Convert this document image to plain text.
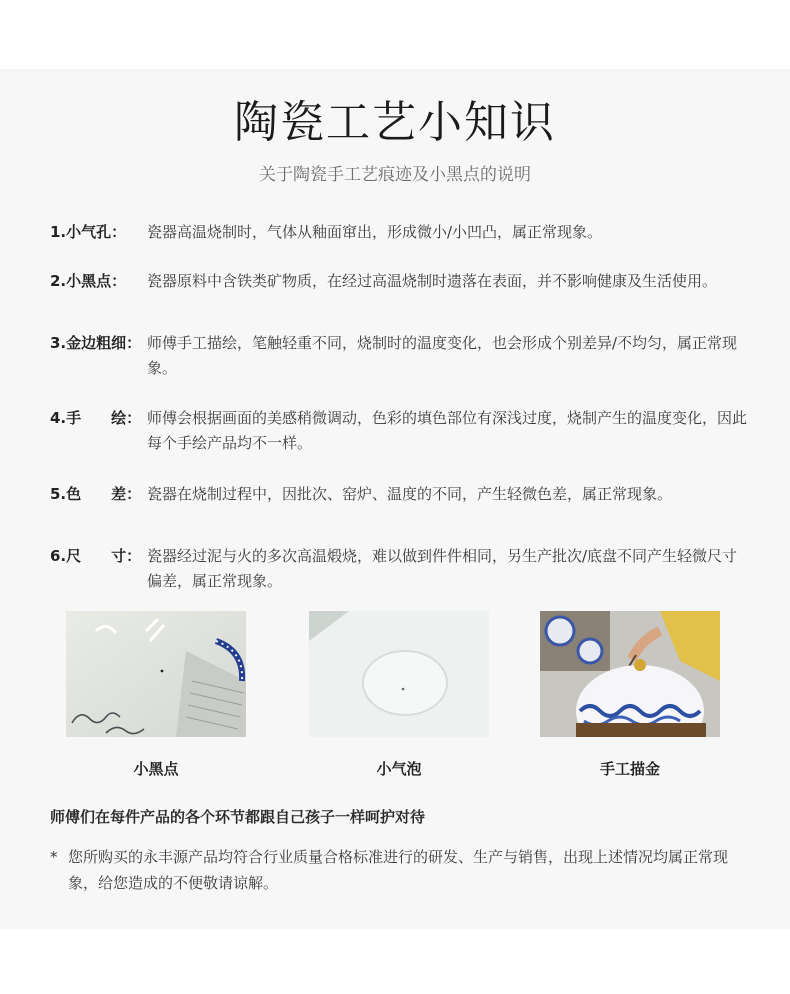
陶瓷工艺小知识
关于陶瓷手工艺痕迹及小黑点的说明
1.小气孔： 瓷器高温烧制时，气体从釉面窜出，形成微小/小凹凸，属正常现象。
2.小黑点： 瓷器原料中含铁类矿物质，在经过高温烧制时遗落在表面，并不影响健康及生活使用。
3.金边粗细： 师傅手工描绘，笔触轻重不同，烧制时的温度变化，也会形成个别差异/不均匀，属正常现象。
4.手　　绘： 师傅会根据画面的美感稍微调动，色彩的填色部位有深浅过度，烧制产生的温度变化，因此每个手绘产品均不一样。
5.色　　差： 瓷器在烧制过程中，因批次、窑炉、温度的不同，产生轻微色差，属正常现象。
6.尺　　寸： 瓷器经过泥与火的多次高温煅烧，难以做到件件相同，另生产批次/底盘不同产生轻微尺寸偏差，属正常现象。
小黑点	小气泡	手工描金
师傅们在每件产品的各个环节都跟自己孩子一样呵护对待
* 您所购买的永丰源产品均符合行业质量合格标准进行的研发、生产与销售，出现上述情况均属正常现象，给您造成的不便敬请谅解。
